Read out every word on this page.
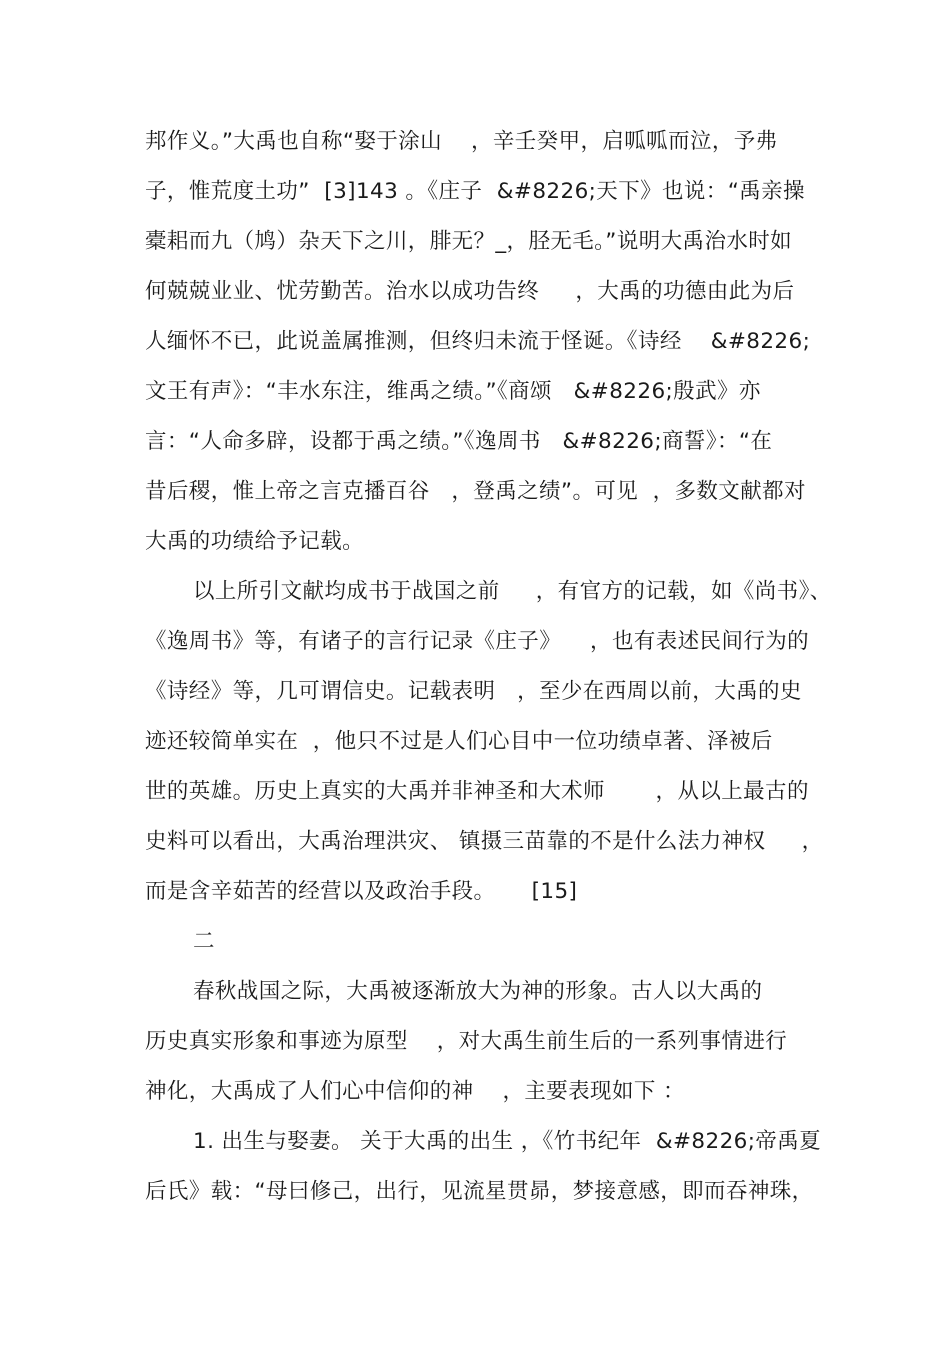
邦作义。”大禹也自称“娶于涂山    ，辛壬癸甲，启呱呱而泣，予弗
子，惟荒度土功”  [3]143 。《庄子  &#8226;天下》也说：“禹亲操
橐耜而九（鸠）杂天下之川，腓无？_，胫无毛。”说明大禹治水时如
何兢兢业业、忧劳勤苦。治水以成功告终     ，大禹的功德由此为后
人缅怀不已，此说盖属推测，但终归未流于怪诞。《诗经    &#8226;
文王有声》：“丰水东注，维禹之绩。”《商颂   &#8226;殷武》亦
言：“人命多辟，设都于禹之绩。”《逸周书   &#8226;商誓》：“在
昔后稷，惟上帝之言克播百谷   ，登禹之绩”。可见  ，多数文献都对
大禹的功绩给予记载。
以上所引文献均成书于战国之前     ，有官方的记载，如《尚书》、
《逸周书》等，有诸子的言行记录《庄子》    ，也有表述民间行为的
《诗经》等，几可谓信史。记载表明   ，至少在西周以前，大禹的史
迹还较简单实在  ，他只不过是人们心目中一位功绩卓著、泽被后
世的英雄。历史上真实的大禹并非神圣和大术师       ，从以上最古的
史料可以看出，大禹治理洪灾、 镇摄三苗靠的不是什么法力神权     ，
而是含辛茹苦的经营以及政治手段。     [15]
二
春秋战国之际，大禹被逐渐放大为神的形象。古人以大禹的
历史真实形象和事迹为原型    ，对大禹生前生后的一系列事情进行
神化，大禹成了人们心中信仰的神    ，主要表现如下 ：
1. 出生与娶妻。 关于大禹的出生 ，《竹书纪年  &#8226;帝禹夏
后氏》载：“母曰修己，出行，见流星贯昴，梦接意感，即而吞神珠，
